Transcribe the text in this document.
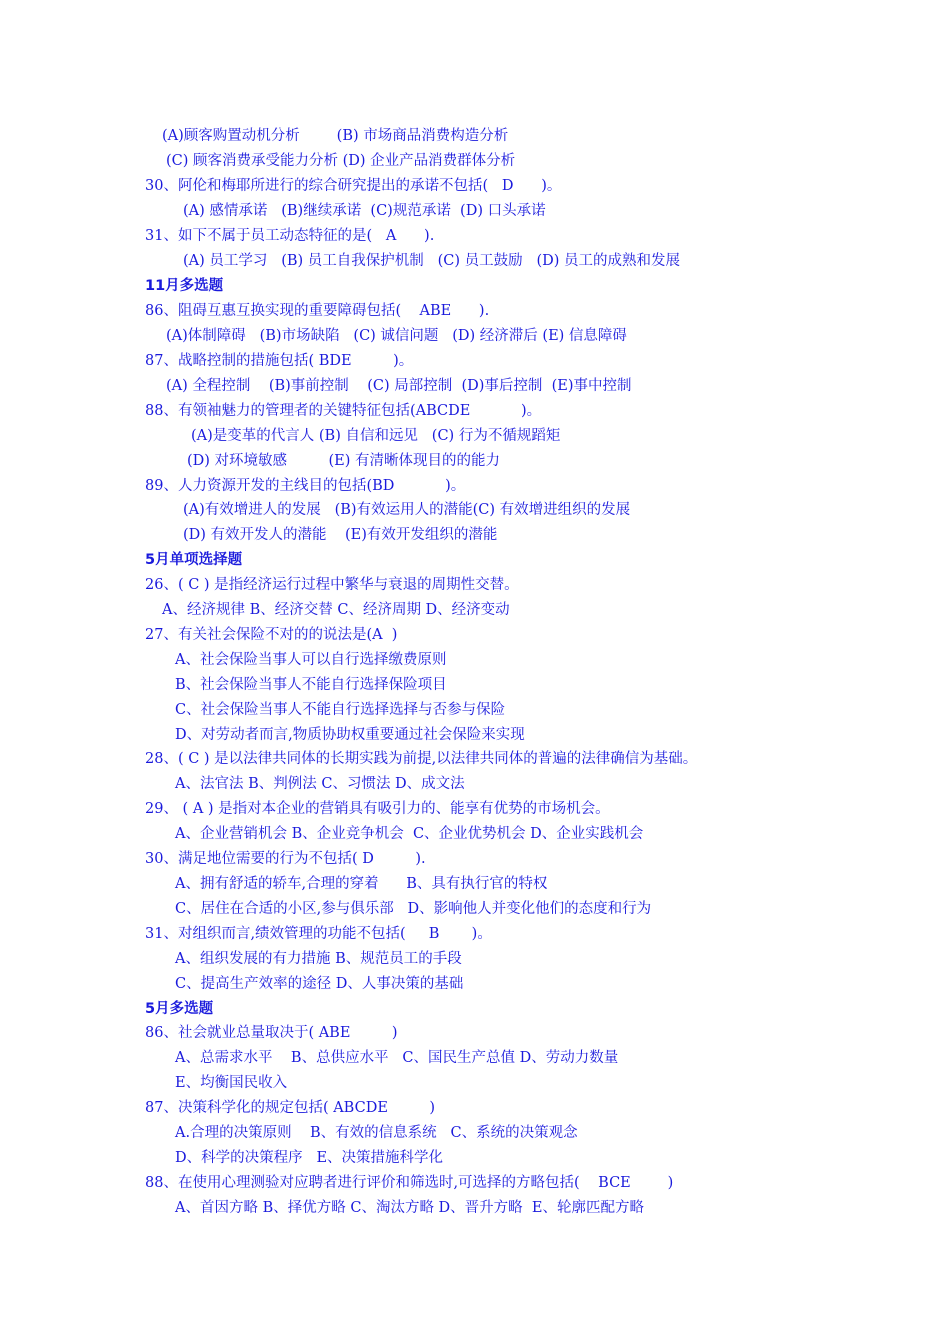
(A)顾客购置动机分析        (B) 市场商品消费构造分析
(C) 顾客消费承受能力分析 (D) 企业产品消费群体分析
30、阿伦和梅耶所进行的综合研究提出的承诺不包括(   D      )。
(A) 感情承诺   (B)继续承诺  (C)规范承诺  (D) 口头承诺
31、如下不属于员工动态特征的是(   A      ).
(A) 员工学习   (B) 员工自我保护机制   (C) 员工鼓励   (D) 员工的成熟和发展
11月多选题
86、阻碍互惠互换实现的重要障碍包括(    ABE      ).
(A)体制障碍   (B)市场缺陷   (C) 诚信问题   (D) 经济滞后 (E) 信息障碍
87、战略控制的措施包括( BDE         )。
(A) 全程控制    (B)事前控制    (C) 局部控制  (D)事后控制  (E)事中控制
88、有领袖魅力的管理者的关键特征包括(ABCDE           )。
(A)是变革的代言人 (B) 自信和远见   (C) 行为不循规蹈矩
(D) 对环境敏感         (E) 有清晰体现目的的能力
89、人力资源开发的主线目的包括(BD           )。
(A)有效增进人的发展   (B)有效运用人的潜能(C) 有效增进组织的发展
(D) 有效开发人的潜能    (E)有效开发组织的潜能
5月单项选择题
26、( C ) 是指经济运行过程中繁华与衰退的周期性交替。
A、经济规律 B、经济交替 C、经济周期 D、经济变动
27、有关社会保险不对的的说法是(A  )
A、社会保险当事人可以自行选择缴费原则
B、社会保险当事人不能自行选择保险项目
C、社会保险当事人不能自行选择选择与否参与保险
D、对劳动者而言,物质协助权重要通过社会保险来实现
28、( C ) 是以法律共同体的长期实践为前提,以法律共同体的普遍的法律确信为基础。
A、法官法 B、判例法 C、习惯法 D、成文法
29、 ( A ) 是指对本企业的营销具有吸引力的、能享有优势的市场机会。
A、企业营销机会 B、企业竞争机会  C、企业优势机会 D、企业实践机会
30、满足地位需要的行为不包括( D         ).
A、拥有舒适的轿车,合理的穿着      B、具有执行官的特权
C、居住在合适的小区,参与俱乐部   D、影响他人并变化他们的态度和行为
31、对组织而言,绩效管理的功能不包括(     B       )。
A、组织发展的有力措施 B、规范员工的手段
C、提高生产效率的途径 D、人事决策的基础
5月多选题
86、社会就业总量取决于( ABE         )
A、总需求水平    B、总供应水平   C、国民生产总值 D、劳动力数量
E、均衡国民收入
87、决策科学化的规定包括( ABCDE         )
A.合理的决策原则    B、有效的信息系统   C、系统的决策观念
D、科学的决策程序   E、决策措施科学化
88、在使用心理测验对应聘者进行评价和筛选时,可选择的方略包括(    BCE        )
A、首因方略 B、择优方略 C、淘汰方略 D、晋升方略  E、轮廓匹配方略
